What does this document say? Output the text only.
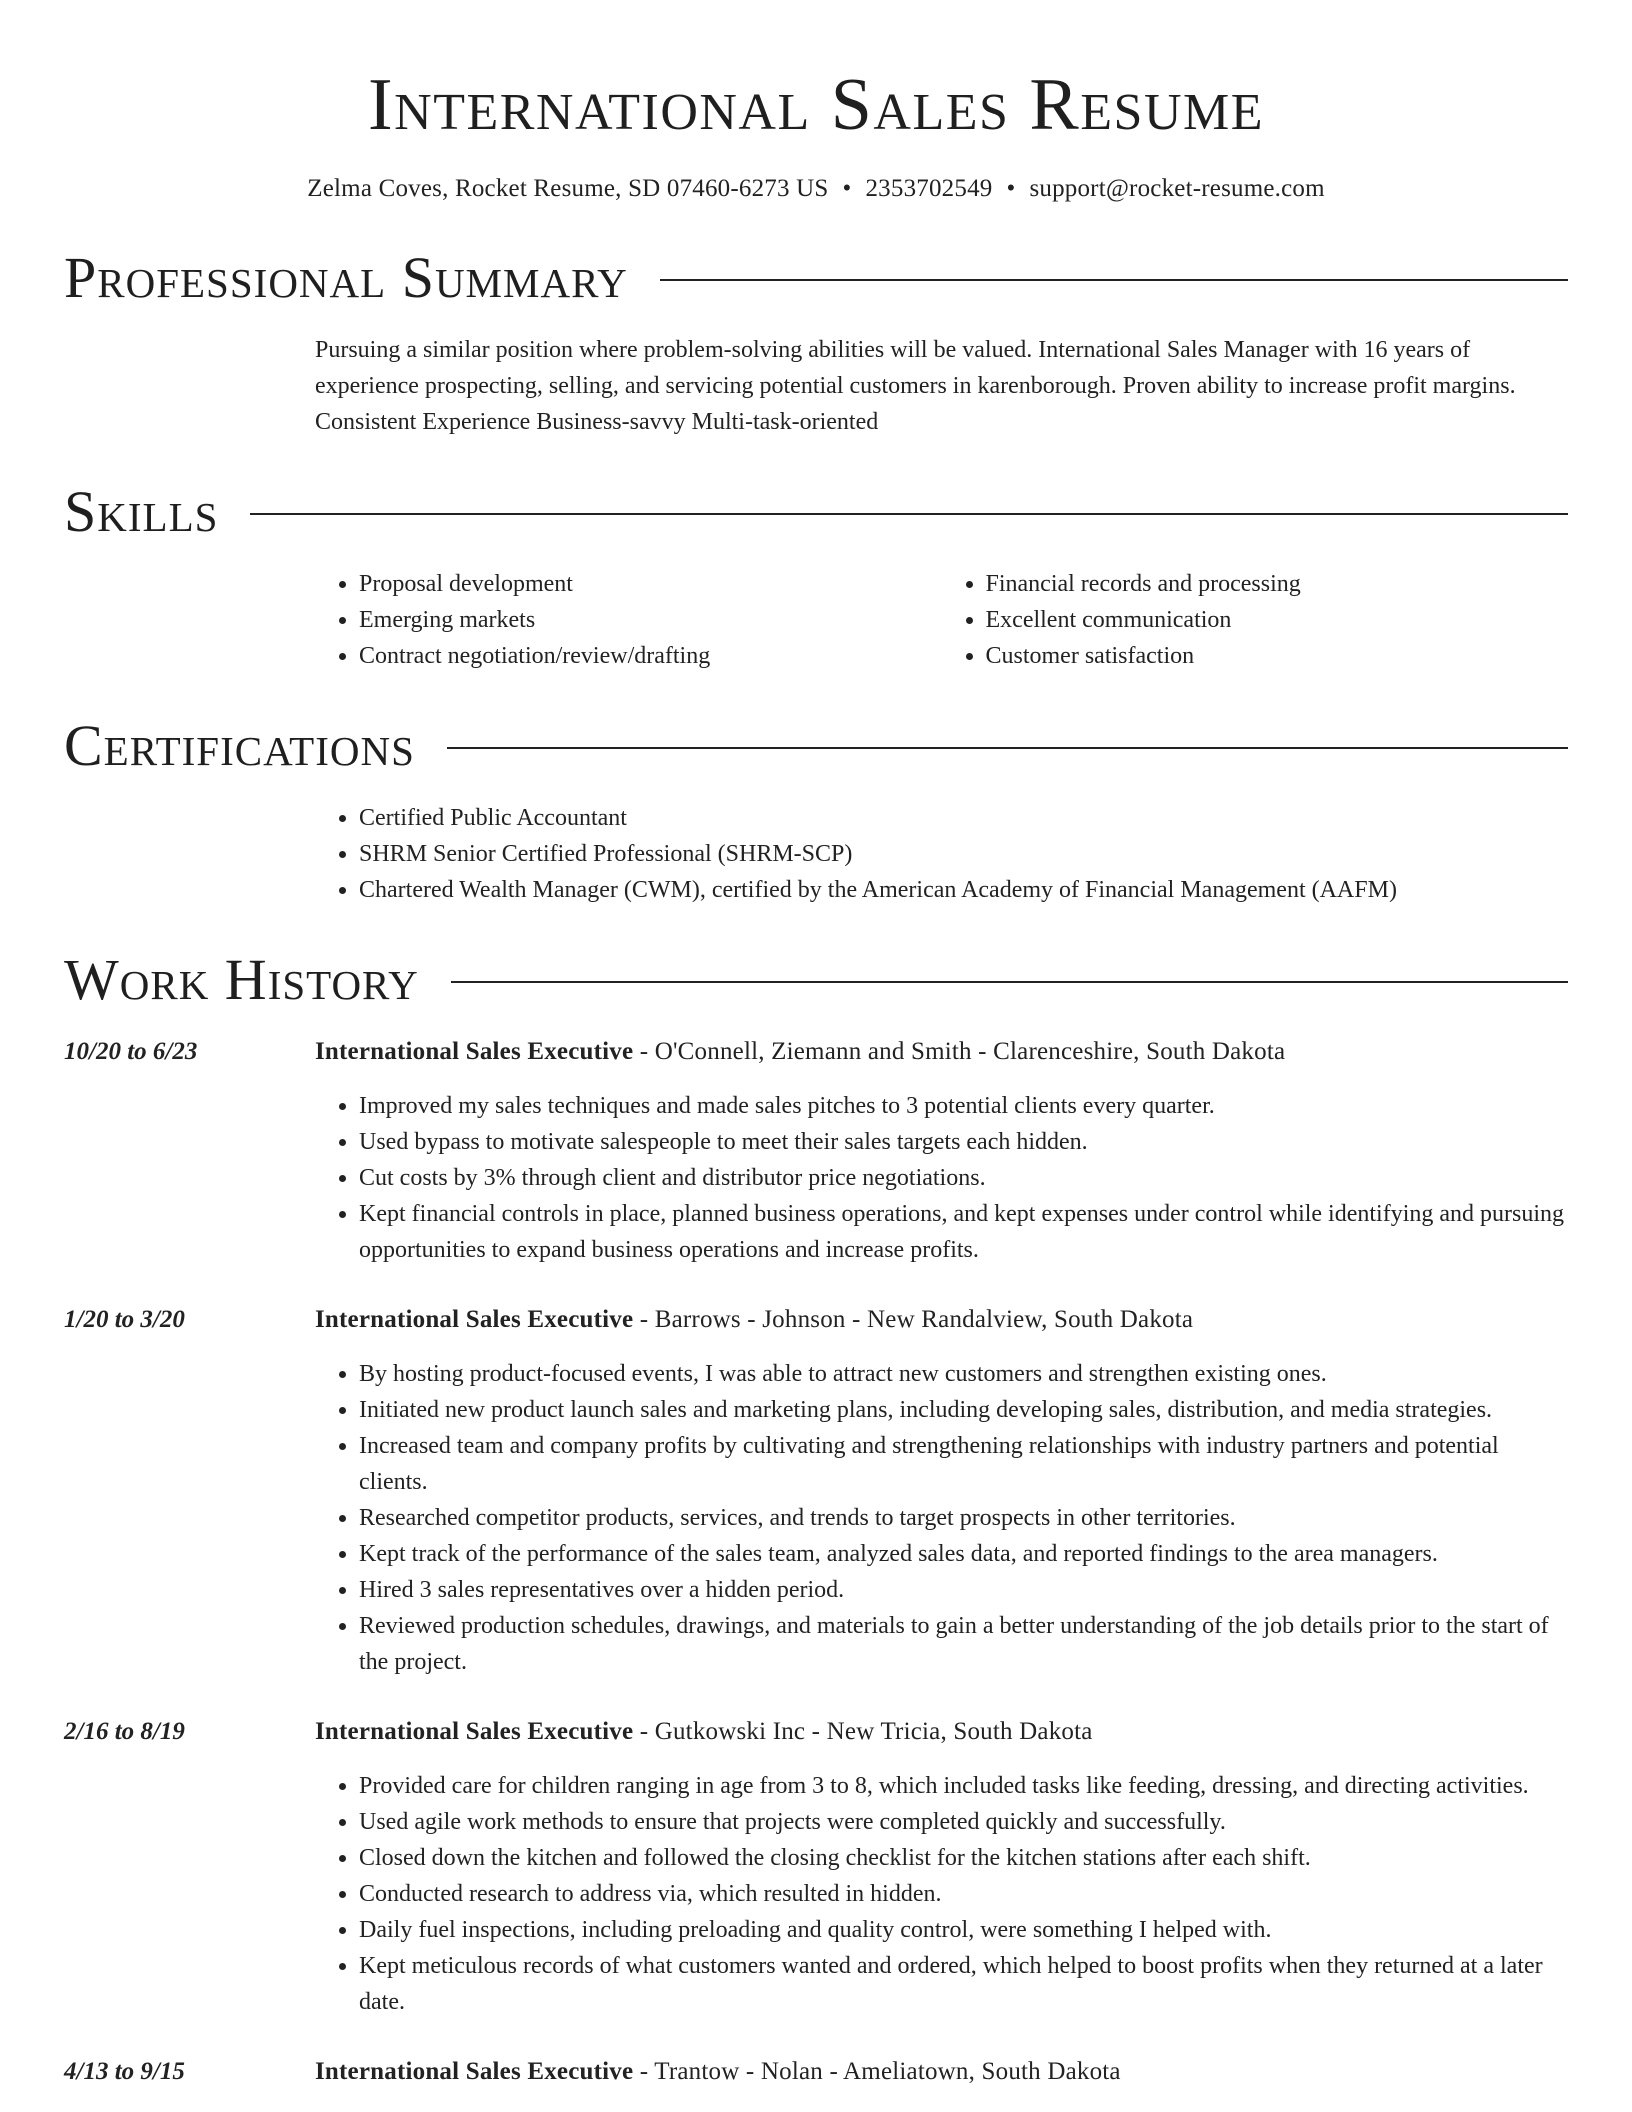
International Sales Resume
Zelma Coves, Rocket Resume, SD 07460-6273 US • 2353702549 • support@rocket-resume.com
Professional Summary
Pursuing a similar position where problem-solving abilities will be valued. International Sales Manager with 16 years of experience prospecting, selling, and servicing potential customers in karenborough. Proven ability to increase profit margins. Consistent Experience Business-savvy Multi-task-oriented
Skills
• Proposal development
• Emerging markets
• Contract negotiation/review/drafting
• Financial records and processing
• Excellent communication
• Customer satisfaction
Certifications
• Certified Public Accountant
• SHRM Senior Certified Professional (SHRM-SCP)
• Chartered Wealth Manager (CWM), certified by the American Academy of Financial Management (AAFM)
Work History
10/20 to 6/23	International Sales Executive - O'Connell, Ziemann and Smith - Clarenceshire, South Dakota
• Improved my sales techniques and made sales pitches to 3 potential clients every quarter.
• Used bypass to motivate salespeople to meet their sales targets each hidden.
• Cut costs by 3% through client and distributor price negotiations.
• Kept financial controls in place, planned business operations, and kept expenses under control while identifying and pursuing opportunities to expand business operations and increase profits.
1/20 to 3/20	International Sales Executive - Barrows - Johnson - New Randalview, South Dakota
• By hosting product-focused events, I was able to attract new customers and strengthen existing ones.
• Initiated new product launch sales and marketing plans, including developing sales, distribution, and media strategies.
• Increased team and company profits by cultivating and strengthening relationships with industry partners and potential clients.
• Researched competitor products, services, and trends to target prospects in other territories.
• Kept track of the performance of the sales team, analyzed sales data, and reported findings to the area managers.
• Hired 3 sales representatives over a hidden period.
• Reviewed production schedules, drawings, and materials to gain a better understanding of the job details prior to the start of the project.
2/16 to 8/19	International Sales Executive - Gutkowski Inc - New Tricia, South Dakota
• Provided care for children ranging in age from 3 to 8, which included tasks like feeding, dressing, and directing activities.
• Used agile work methods to ensure that projects were completed quickly and successfully.
• Closed down the kitchen and followed the closing checklist for the kitchen stations after each shift.
• Conducted research to address via, which resulted in hidden.
• Daily fuel inspections, including preloading and quality control, were something I helped with.
• Kept meticulous records of what customers wanted and ordered, which helped to boost profits when they returned at a later date.
4/13 to 9/15	International Sales Executive - Trantow - Nolan - Ameliatown, South Dakota
